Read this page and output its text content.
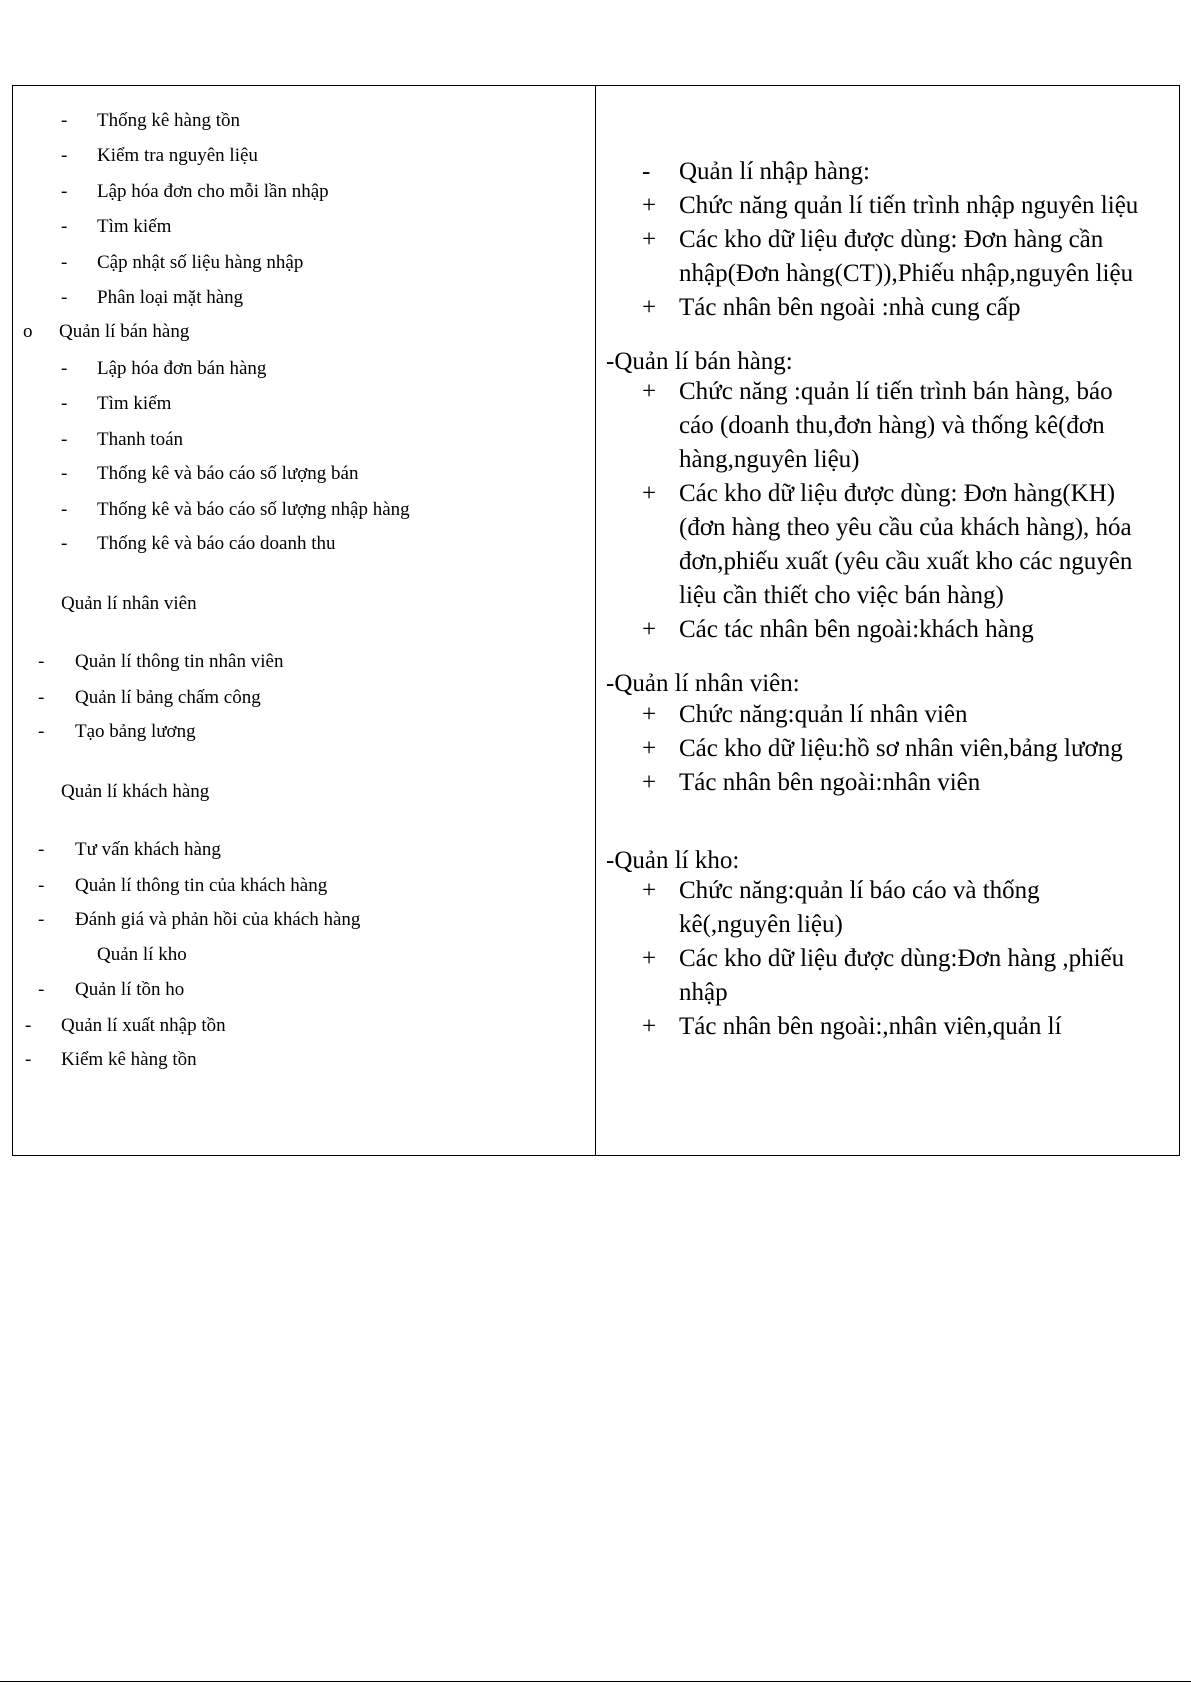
- Thống kê hàng tồn
- Kiểm tra nguyên liệu
- Lập hóa đơn cho mỗi lần nhập
- Tìm kiếm
- Cập nhật số liệu hàng nhập
- Phân loại mặt hàng
o Quản lí bán hàng
- Lập hóa đơn bán hàng
- Tìm kiếm
- Thanh toán
- Thống kê và báo cáo số lượng bán
- Thống kê và báo cáo số lượng nhập hàng
- Thống kê và báo cáo doanh thu
Quản lí nhân viên
- Quản lí thông tin nhân viên
- Quản lí bảng chấm công
- Tạo bảng lương
Quản lí khách hàng
- Tư vấn khách hàng
- Quản lí thông tin của khách hàng
- Đánh giá và phản hồi của khách hàng
Quản lí kho
- Quản lí tồn ho
- Quản lí xuất nhập tồn
- Kiểm kê hàng tồn
- Quản lí nhập hàng:
+ Chức năng quản lí tiến trình nhập nguyên liệu
+ Các kho dữ liệu được dùng: Đơn hàng cần
nhập(Đơn hàng(CT)),Phiếu nhập,nguyên liệu
+ Tác nhân bên ngoài :nhà cung cấp
-Quản lí bán hàng:
+ Chức năng :quản lí tiến trình bán hàng, báo
cáo (doanh thu,đơn hàng) và thống kê(đơn
hàng,nguyên liệu)
+ Các kho dữ liệu được dùng: Đơn hàng(KH)
(đơn hàng theo yêu cầu của khách hàng), hóa
đơn,phiếu xuất (yêu cầu xuất kho các nguyên
liệu cần thiết cho việc bán hàng)
+ Các tác nhân bên ngoài:khách hàng
-Quản lí nhân viên:
+ Chức năng:quản lí nhân viên
+ Các kho dữ liệu:hồ sơ nhân viên,bảng lương
+ Tác nhân bên ngoài:nhân viên
-Quản lí kho:
+ Chức năng:quản lí báo cáo và thống
kê(,nguyên liệu)
+ Các kho dữ liệu được dùng:Đơn hàng ,phiếu
nhập
+ Tác nhân bên ngoài:,nhân viên,quản lí
